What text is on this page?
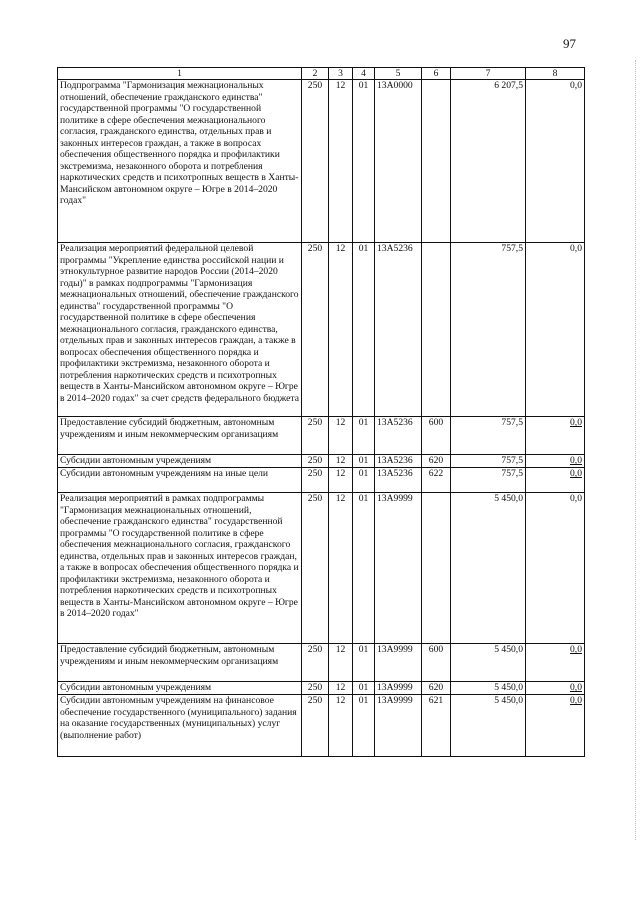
97
1	2	3	4	5	6	7	8
Подпрограмма "Гармонизация межнациональных отношений, обеспечение гражданского единства" государственной программы "О государственной политике в сфере обеспечения межнационального согласия, гражданского единства, отдельных прав и законных интересов граждан, а также в вопросах обеспечения общественного порядка и профилактики экстремизма, незаконного оборота и потребления наркотических средств и психотропных веществ в Ханты-Мансийском автономном округе – Югре в 2014–2020 годах"	250	12	01	13А0000		6 207,5	0,0
Реализация мероприятий федеральной целевой программы "Укрепление единства российской нации и этнокультурное развитие народов России (2014–2020 годы)" в рамках подпрограммы "Гармонизация межнациональных отношений, обеспечение гражданского единства" государственной программы "О государственной политике в сфере обеспечения межнационального согласия, гражданского единства, отдельных прав и законных интересов граждан, а также в вопросах обеспечения общественного порядка и профилактики экстремизма, незаконного оборота и потребления наркотических средств и психотропных веществ в Ханты-Мансийском автономном округе – Югре в 2014–2020 годах" за счет средств федерального бюджета	250	12	01	13А5236		757,5	0,0
Предоставление субсидий бюджетным, автономным учреждениям и иным некоммерческим организациям	250	12	01	13А5236	600	757,5	0,0
Субсидии автономным учреждениям	250	12	01	13А5236	620	757,5	0,0
Субсидии автономным учреждениям на иные цели	250	12	01	13А5236	622	757,5	0,0
Реализация мероприятий в рамках подпрограммы "Гармонизация межнациональных отношений, обеспечение гражданского единства" государственной программы "О государственной политике в сфере обеспечения межнационального согласия, гражданского единства, отдельных прав и законных интересов граждан, а также в вопросах обеспечения общественного порядка и профилактики экстремизма, незаконного оборота и потребления наркотических средств и психотропных веществ в Ханты-Мансийском автономном округе – Югре в 2014–2020 годах"	250	12	01	13А9999		5 450,0	0,0
Предоставление субсидий бюджетным, автономным учреждениям и иным некоммерческим организациям	250	12	01	13А9999	600	5 450,0	0,0
Субсидии автономным учреждениям	250	12	01	13А9999	620	5 450,0	0,0
Субсидии автономным учреждениям на финансовое обеспечение государственного (муниципального) задания на оказание государственных (муниципальных) услуг (выполнение работ)	250	12	01	13А9999	621	5 450,0	0,0
